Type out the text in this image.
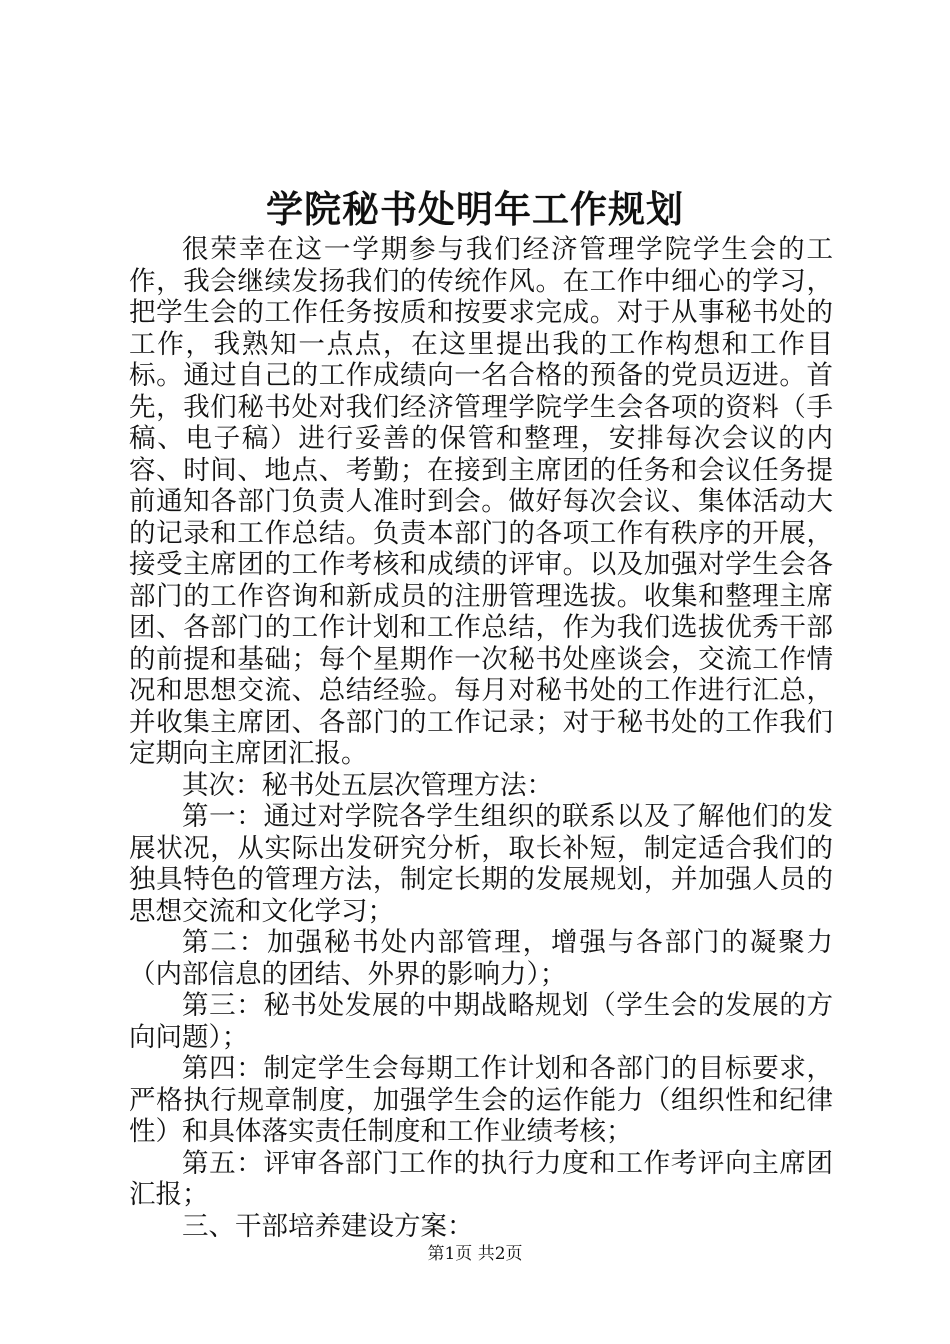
学院秘书处明年工作规划

很荣幸在这一学期参与我们经济管理学院学生会的工作，我会继续发扬我们的传统作风。在工作中细心的学习，把学生会的工作任务按质和按要求完成。对于从事秘书处的工作，我熟知一点点，在这里提出我的工作构想和工作目标。通过自己的工作成绩向一名合格的预备的党员迈进。首先，我们秘书处对我们经济管理学院学生会各项的资料（手稿、电子稿）进行妥善的保管和整理，安排每次会议的内容、时间、地点、考勤；在接到主席团的任务和会议任务提前通知各部门负责人准时到会。做好每次会议、集体活动大的记录和工作总结。负责本部门的各项工作有秩序的开展，接受主席团的工作考核和成绩的评审。以及加强对学生会各部门的工作咨询和新成员的注册管理选拔。收集和整理主席团、各部门的工作计划和工作总结，作为我们选拔优秀干部的前提和基础；每个星期作一次秘书处座谈会，交流工作情况和思想交流、总结经验。每月对秘书处的工作进行汇总，并收集主席团、各部门的工作记录；对于秘书处的工作我们定期向主席团汇报。

其次：秘书处五层次管理方法：

第一：通过对学院各学生组织的联系以及了解他们的发展状况，从实际出发研究分析，取长补短，制定适合我们的独具特色的管理方法，制定长期的发展规划，并加强人员的思想交流和文化学习；

第二：加强秘书处内部管理，增强与各部门的凝聚力（内部信息的团结、外界的影响力）；

第三：秘书处发展的中期战略规划（学生会的发展的方向问题）；

第四：制定学生会每期工作计划和各部门的目标要求，严格执行规章制度，加强学生会的运作能力（组织性和纪律性）和具体落实责任制度和工作业绩考核；

第五：评审各部门工作的执行力度和工作考评向主席团汇报；

三、干部培养建设方案：

第1页 共2页
